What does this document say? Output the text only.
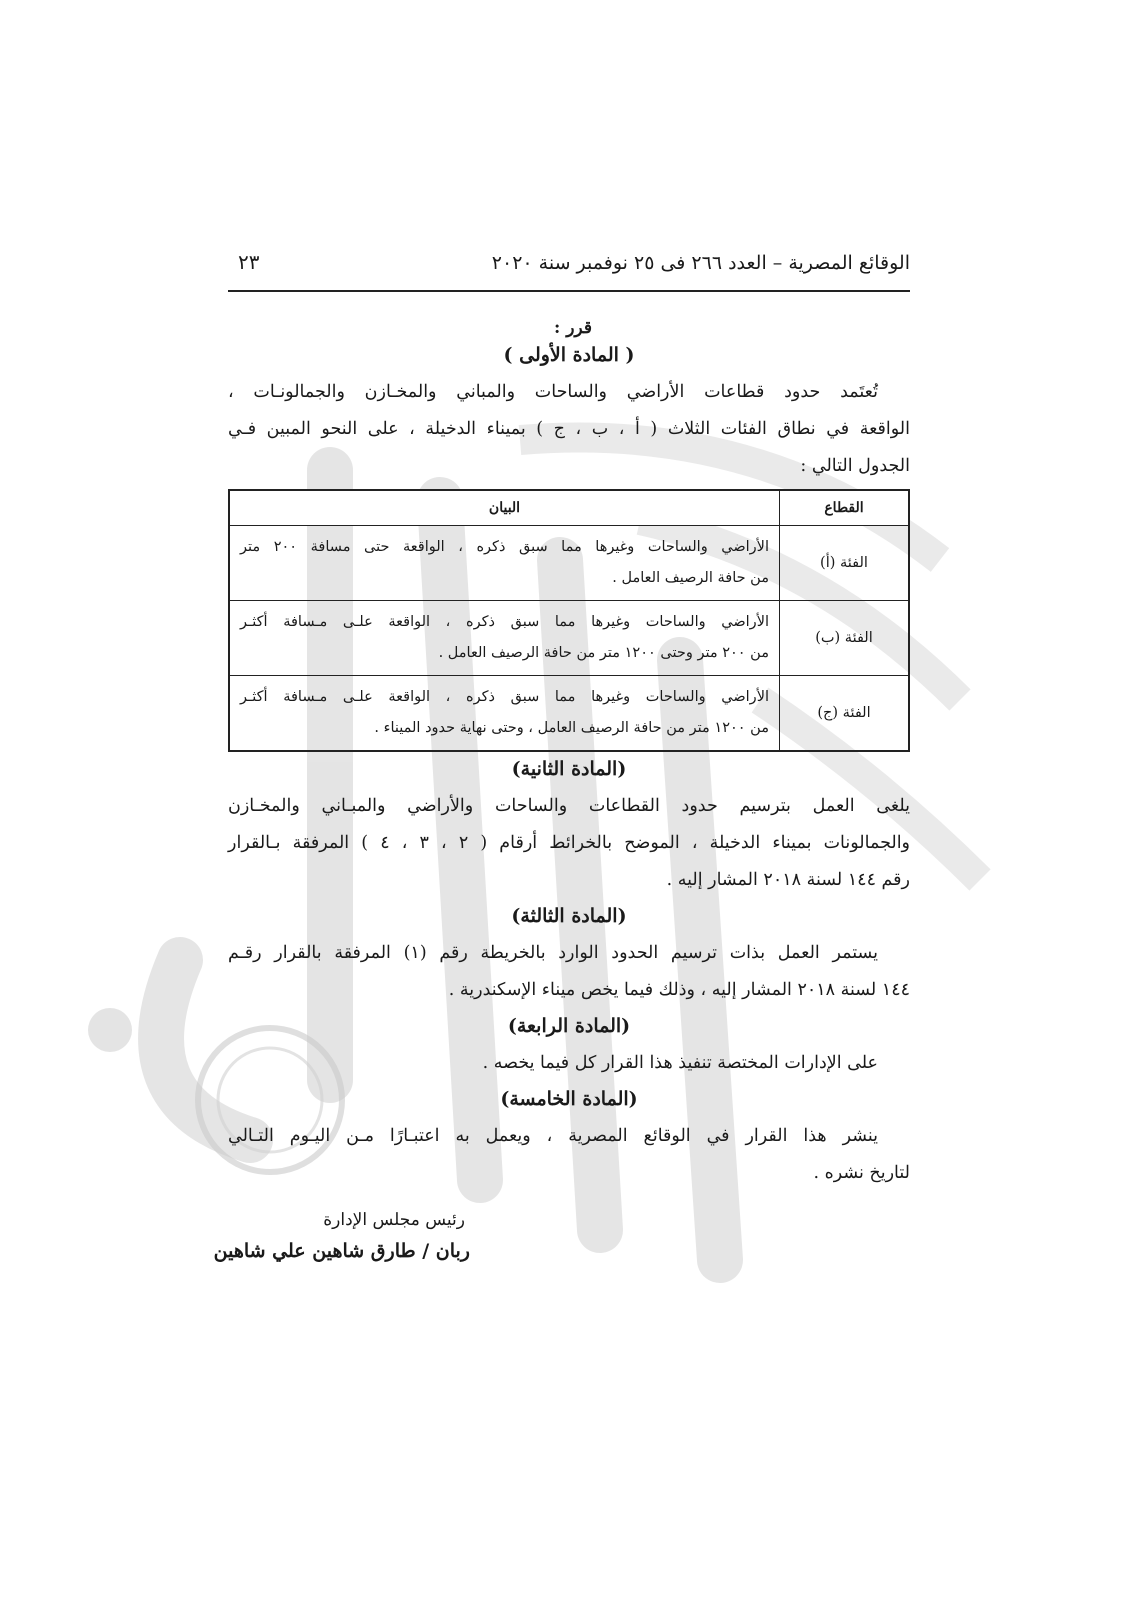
الوقائع المصرية – العدد ٢٦٦ فى ٢٥ نوفمبر سنة ٢٠٢٠
٢٣
قرر :
( المادة الأولى )

تُعتَمد حدود قطاعات الأراضي والساحات والمباني والمخـازن والجمالونـات ،
الواقعة في نطاق الفئات الثلاث ( أ ، ب ، ج ) بميناء الدخيلة ، على النحو المبين فـي
الجدول التالي :

القطاع	البيان
الفئة (أ)	الأراضي والساحات وغيرها مما سبق ذكره ، الواقعة حتى مسافة ٢٠٠ متر
من حافة الرصيف العامل .

الفئة (ب)	الأراضي والساحات وغيرها مما سبق ذكره ، الواقعة علـى مـسافة أكثـر
من ٢٠٠ متر وحتى ١٢٠٠ متر من حافة الرصيف العامل .

الفئة (ج)	الأراضي والساحات وغيرها مما سبق ذكره ، الواقعة علـى مـسافة أكثـر
من ١٢٠٠ متر من حافة الرصيف العامل ، وحتى نهاية حدود الميناء .
(المادة الثانية)

يلغى العمل بترسيم حدود القطاعات والساحات والأراضي والمبـاني والمخـازن
والجمالونات بميناء الدخيلة ، الموضح بالخرائط أرقام ( ٢ ، ٣ ، ٤ ) المرفقة بـالقرار
رقم ١٤٤ لسنة ٢٠١٨ المشار إليه .

(المادة الثالثة)

يستمر العمل بذات ترسيم الحدود الوارد بالخريطة رقم (١) المرفقة بالقرار رقـم
١٤٤ لسنة ٢٠١٨ المشار إليه ، وذلك فيما يخص ميناء الإسكندرية .

(المادة الرابعة)

على الإدارات المختصة تنفيذ هذا القرار كل فيما يخصه .

(المادة الخامسة)

ينشر هذا القرار في الوقائع المصرية ، ويعمل به اعتبـارًا مـن اليـوم التـالي
لتاريخ نشره .

رئيس مجلس الإدارة
ربان / طارق شاهين علي شاهين
